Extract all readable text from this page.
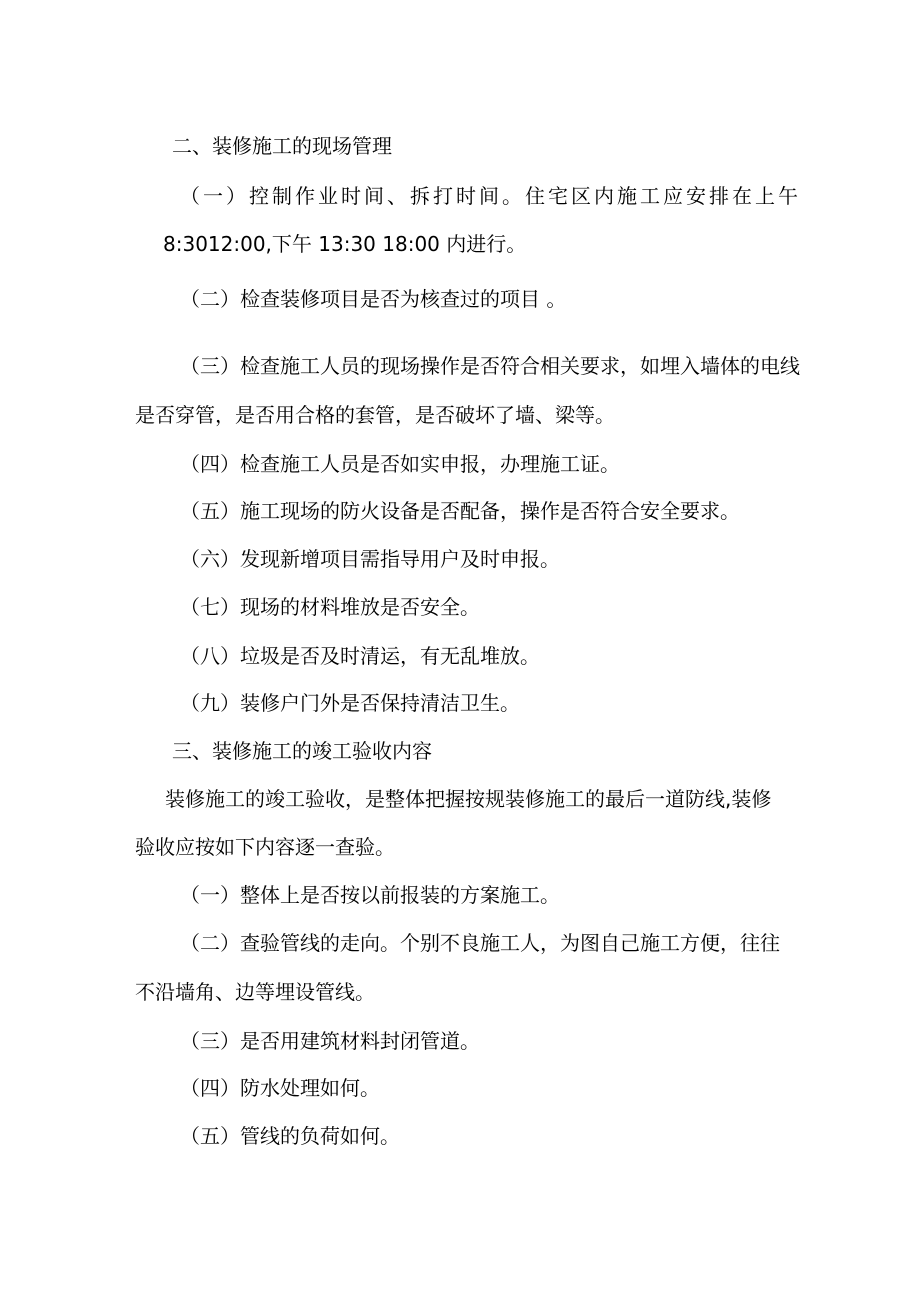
二、装修施工的现场管理

（一）控制作业时间、拆打时间。住宅区内施工应安排在上午

8:3012:00,下午 13:30 18:00 内进行。

（二）检查装修项目是否为核查过的项目 。

（三）检查施工人员的现场操作是否符合相关要求，如埋入墙体的电线

是否穿管，是否用合格的套管，是否破坏了墙、梁等。

（四）检查施工人员是否如实申报，办理施工证。

（五）施工现场的防火设备是否配备，操作是否符合安全要求。

（六）发现新增项目需指导用户及时申报。

（七）现场的材料堆放是否安全。

（八）垃圾是否及时清运，有无乱堆放。

（九）装修户门外是否保持清洁卫生。

三、装修施工的竣工验收内容

装修施工的竣工验收，是整体把握按规装修施工的最后一道防线,装修

验收应按如下内容逐一查验。

（一）整体上是否按以前报装的方案施工。

（二）查验管线的走向。个别不良施工人，为图自己施工方便，往往

不沿墙角、边等埋设管线。

（三）是否用建筑材料封闭管道。

（四）防水处理如何。

（五）管线的负荷如何。
